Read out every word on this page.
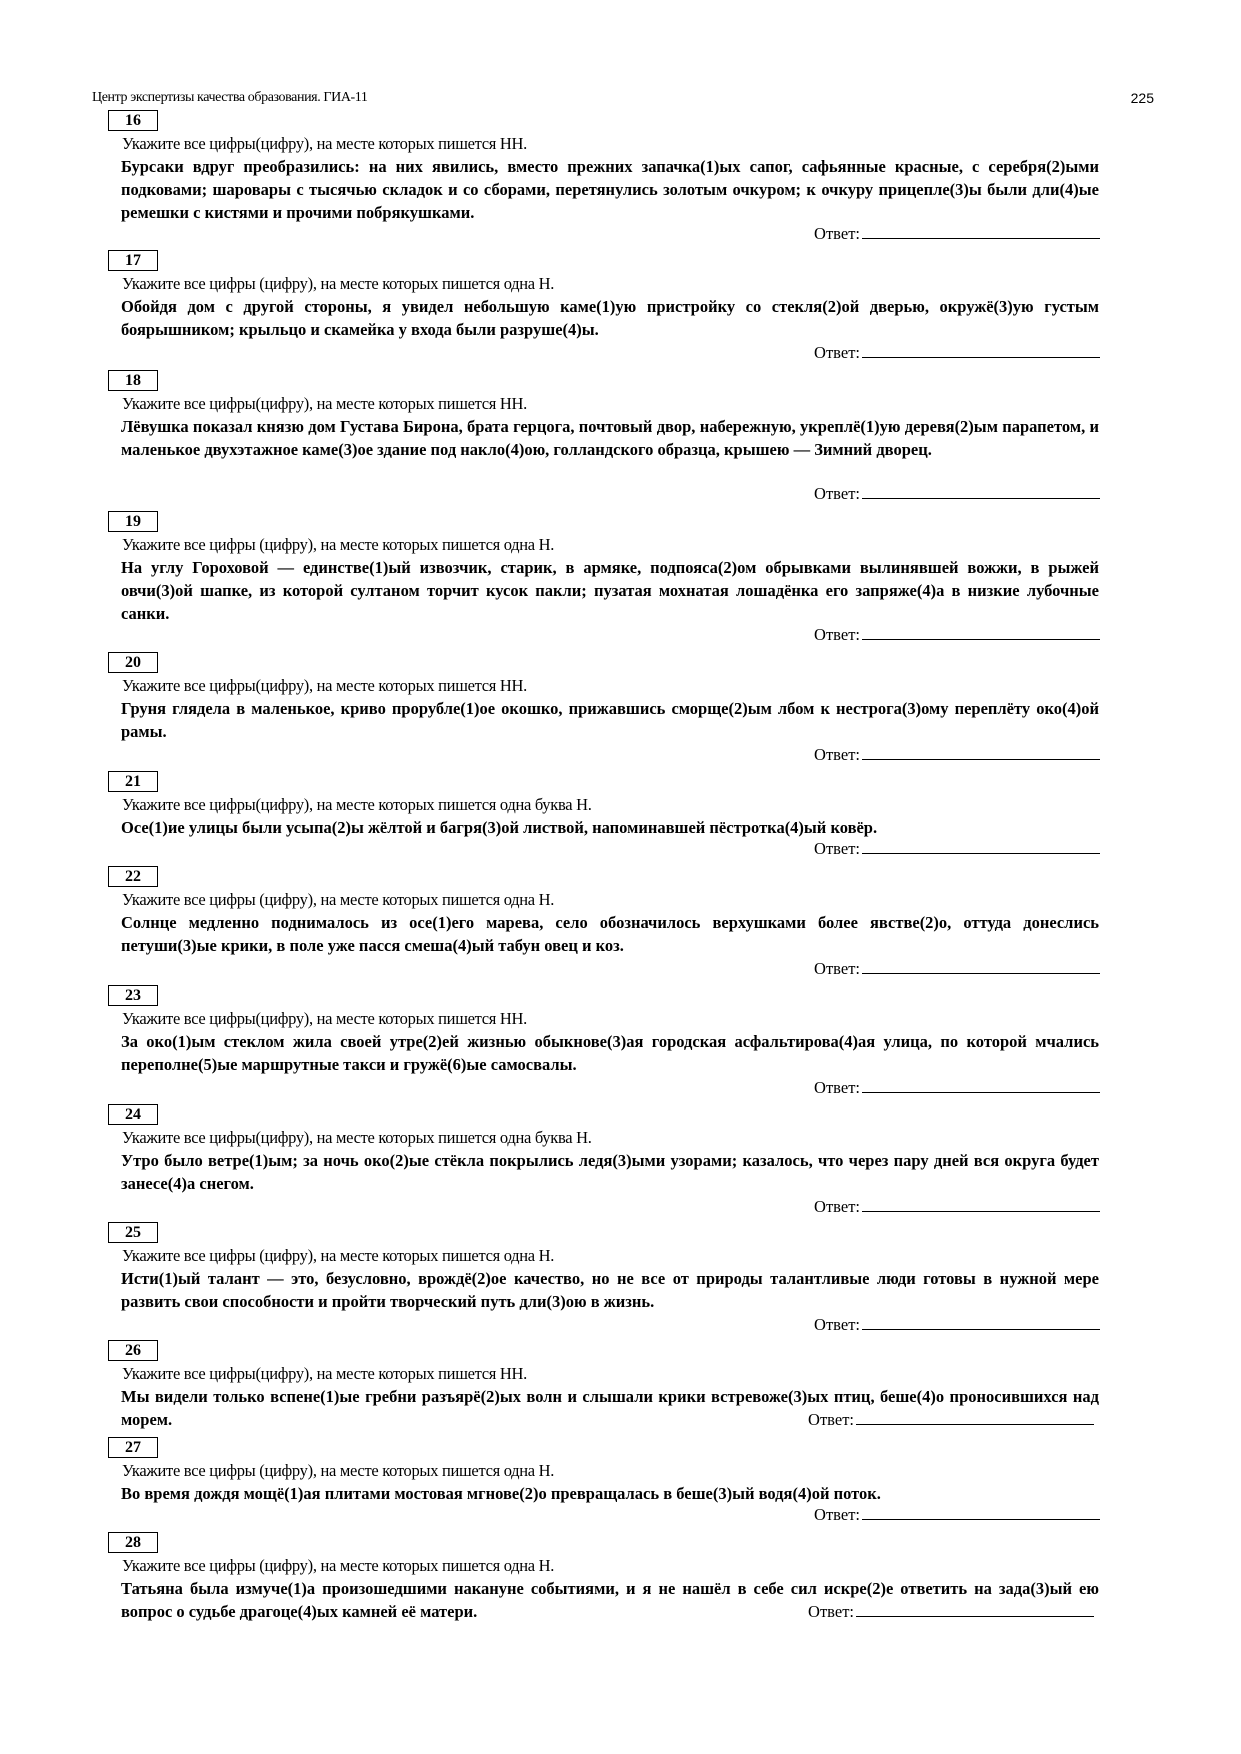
Центр экспертизы качества образования. ГИА-11	225
16
Укажите все цифры(цифру), на месте которых пишется НН.
Бурсаки вдруг преобразились: на них явились, вместо прежних запачка(1)ых сапог, сафьянные красные, с серебря(2)ыми подковами; шаровары с тысячью складок и со сборами, перетянулись золотым очкуром; к очкуру прицепле(3)ы были дли(4)ые ремешки с кистями и прочими побрякушками.
Ответ:
17
Укажите все цифры (цифру), на месте которых пишется одна Н.
Обойдя дом с другой стороны, я увидел небольшую каме(1)ую пристройку со стекля(2)ой дверью, окружё(3)ую густым боярышником; крыльцо и скамейка у входа были разруше(4)ы.
Ответ:
18
Укажите все цифры(цифру), на месте которых пишется НН.
Лёвушка показал князю дом Густава Бирона, брата герцога, почтовый двор, набережную, укреплё(1)ую деревя(2)ым парапетом, и маленькое двухэтажное каме(3)ое здание под накло(4)ою, голландского образца, крышею — Зимний дворец.
Ответ:
19
Укажите все цифры (цифру), на месте которых пишется одна Н.
На углу Гороховой — единстве(1)ый извозчик, старик, в армяке, подпояса(2)ом обрывками вылинявшей вожжи, в рыжей овчи(3)ой шапке, из которой султаном торчит кусок пакли; пузатая мохнатая лошадёнка его запряже(4)а в низкие лубочные санки.
Ответ:
20
Укажите все цифры(цифру), на месте которых пишется НН.
Груня глядела в маленькое, криво прорубле(1)ое окошко, прижавшись сморще(2)ым лбом к нестрога(3)ому переплёту око(4)ой рамы.
Ответ:
21
Укажите все цифры(цифру), на месте которых пишется одна буква Н.
Осе(1)ие улицы были усыпа(2)ы жёлтой и багря(3)ой листвой, напоминавшей пёстротка(4)ый ковёр.
Ответ:
22
Укажите все цифры (цифру), на месте которых пишется одна Н.
Солнце медленно поднималось из осе(1)его марева, село обозначилось верхушками более явстве(2)о, оттуда донеслись петуши(3)ые крики, в поле уже пасся смеша(4)ый табун овец и коз.
Ответ:
23
Укажите все цифры(цифру), на месте которых пишется НН.
За око(1)ым стеклом жила своей утре(2)ей жизнью обыкнове(3)ая городская асфальтирова(4)ая улица, по которой мчались переполне(5)ые маршрутные такси и гружё(6)ые самосвалы.
Ответ:
24
Укажите все цифры(цифру), на месте которых пишется одна буква Н.
Утро было ветре(1)ым; за ночь око(2)ые стёкла покрылись ледя(3)ыми узорами; казалось, что через пару дней вся округа будет занесе(4)а снегом.
Ответ:
25
Укажите все цифры (цифру), на месте которых пишется одна Н.
Исти(1)ый талант — это, безусловно, врождё(2)ое качество, но не все от природы талантливые люди готовы в нужной мере развить свои способности и пройти творческий путь дли(3)ою в жизнь.
Ответ:
26
Укажите все цифры(цифру), на месте которых пишется НН.
Мы видели только вспене(1)ые гребни разъярё(2)ых волн и слышали крики встревоже(3)ых птиц, беше(4)о проносившихся над морем.	Ответ:
27
Укажите все цифры (цифру), на месте которых пишется одна Н.
Во время дождя мощё(1)ая плитами мостовая мгнове(2)о превращалась в беше(3)ый водя(4)ой поток.
Ответ:
28
Укажите все цифры (цифру), на месте которых пишется одна Н.
Татьяна была измуче(1)а произошедшими накануне событиями, и я не нашёл в себе сил искре(2)е ответить на зада(3)ый ею вопрос о судьбе драгоце(4)ых камней её матери.	Ответ:
